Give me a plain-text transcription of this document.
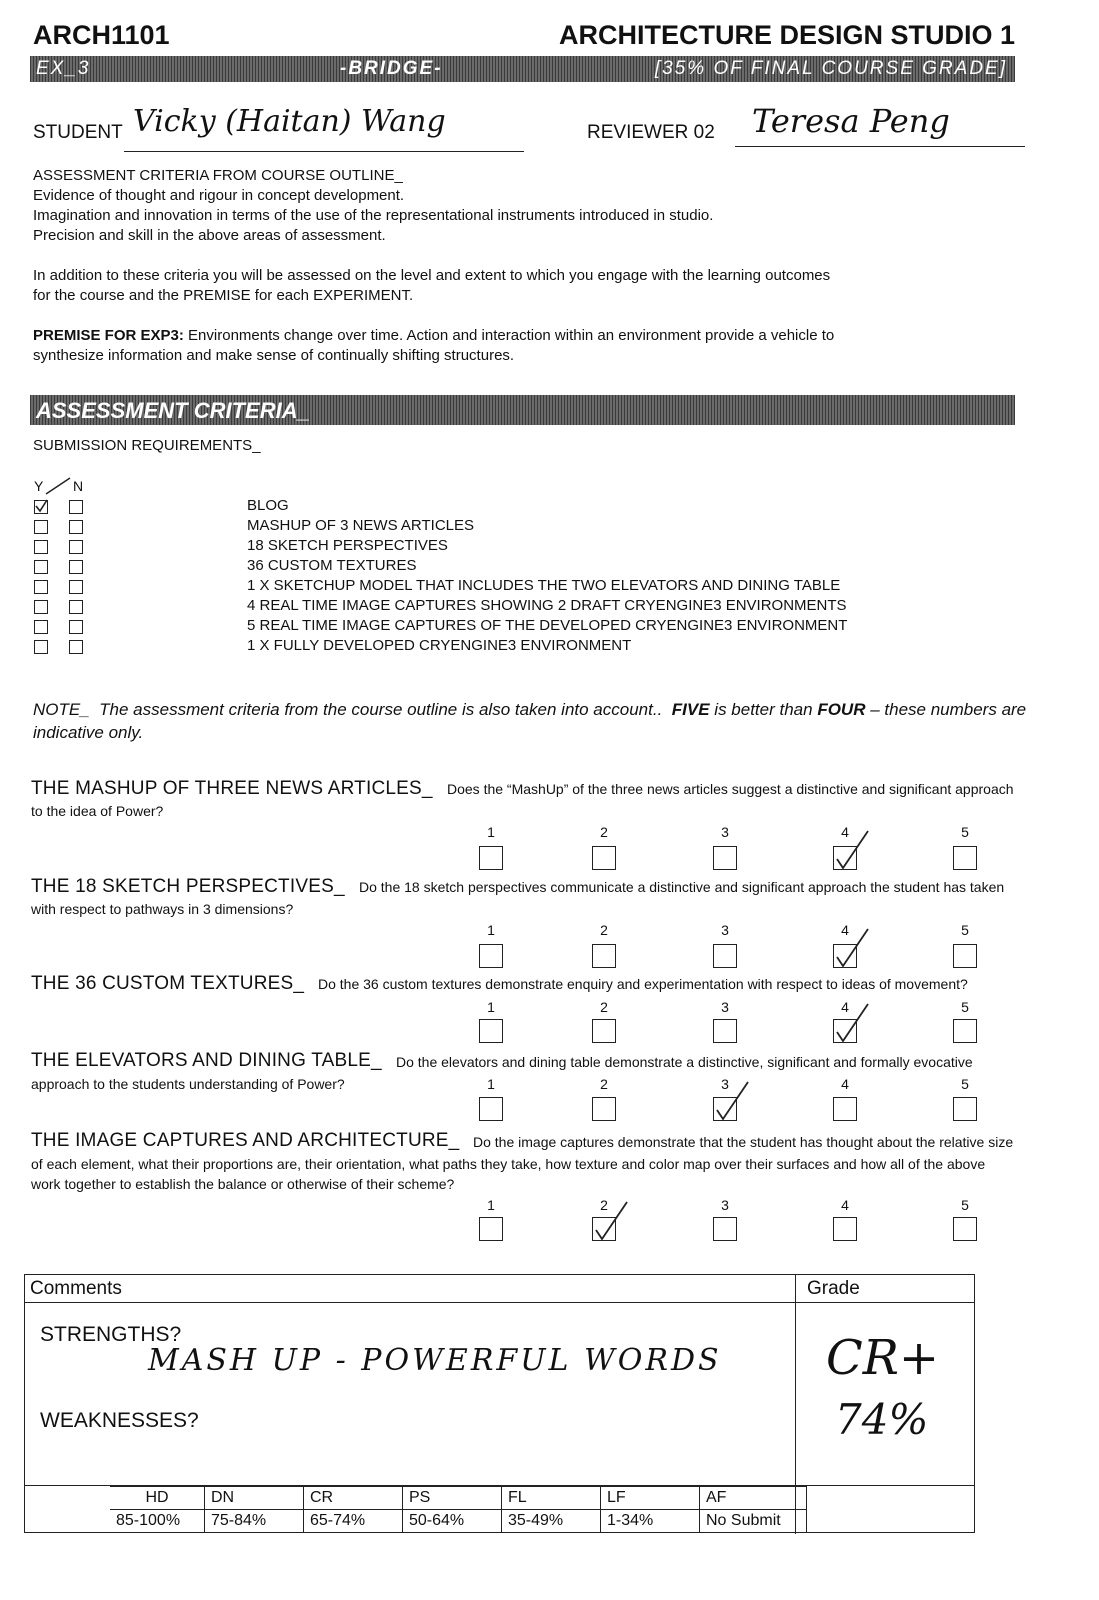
ARCH1101	ARCHITECTURE DESIGN STUDIO 1
EX_3	-BRIDGE-	[35% OF FINAL COURSE GRADE]
STUDENT Vicky (Haitan) Wang	REVIEWER 02 Teresa Peng
ASSESSMENT CRITERIA FROM COURSE OUTLINE_
Evidence of thought and rigour in concept development.
Imagination and innovation in terms of the use of the representational instruments introduced in studio.
Precision and skill in the above areas of assessment.
In addition to these criteria you will be assessed on the level and extent to which you engage with the learning outcomes
for the course and the PREMISE for each EXPERIMENT.
PREMISE FOR EXP3: Environments change over time. Action and interaction within an environment provide a vehicle to
synthesize information and make sense of continually shifting structures.
ASSESSMENT CRITERIA_
SUBMISSION REQUIREMENTS_
Y N
BLOG
MASHUP OF 3 NEWS ARTICLES
18 SKETCH PERSPECTIVES
36 CUSTOM TEXTURES
1 X SKETCHUP MODEL THAT INCLUDES THE TWO ELEVATORS AND DINING TABLE
4 REAL TIME IMAGE CAPTURES SHOWING 2 DRAFT CRYENGINE3 ENVIRONMENTS
5 REAL TIME IMAGE CAPTURES OF THE DEVELOPED CRYENGINE3 ENVIRONMENT
1 X FULLY DEVELOPED CRYENGINE3 ENVIRONMENT
NOTE_ The assessment criteria from the course outline is also taken into account.. FIVE is better than FOUR – these numbers are
indicative only.
THE MASHUP OF THREE NEWS ARTICLES_ Does the “MashUp” of the three news articles suggest a distinctive and significant approach
to the idea of Power?
1	2	3	4	5
THE 18 SKETCH PERSPECTIVES_ Do the 18 sketch perspectives communicate a distinctive and significant approach the student has taken
with respect to pathways in 3 dimensions?
1	2	3	4	5
THE 36 CUSTOM TEXTURES_ Do the 36 custom textures demonstrate enquiry and experimentation with respect to ideas of movement?
1	2	3	4	5
THE ELEVATORS AND DINING TABLE_ Do the elevators and dining table demonstrate a distinctive, significant and formally evocative
approach to the students understanding of Power?	1	2	3	4	5
THE IMAGE CAPTURES AND ARCHITECTURE_ Do the image captures demonstrate that the student has thought about the relative size
of each element, what their proportions are, their orientation, what paths they take, how texture and color map over their surfaces and how all of the above
work together to establish the balance or otherwise of their scheme?
1	2	3	4	5
Comments	Grade
STRENGTHS?
MASH UP - POWERFUL WORDS
WEAKNESSES?
CR+
74%
HD	DN	CR	PS	FL	LF	AF
85-100%	75-84%	65-74%	50-64%	35-49%	1-34%	No Submit
